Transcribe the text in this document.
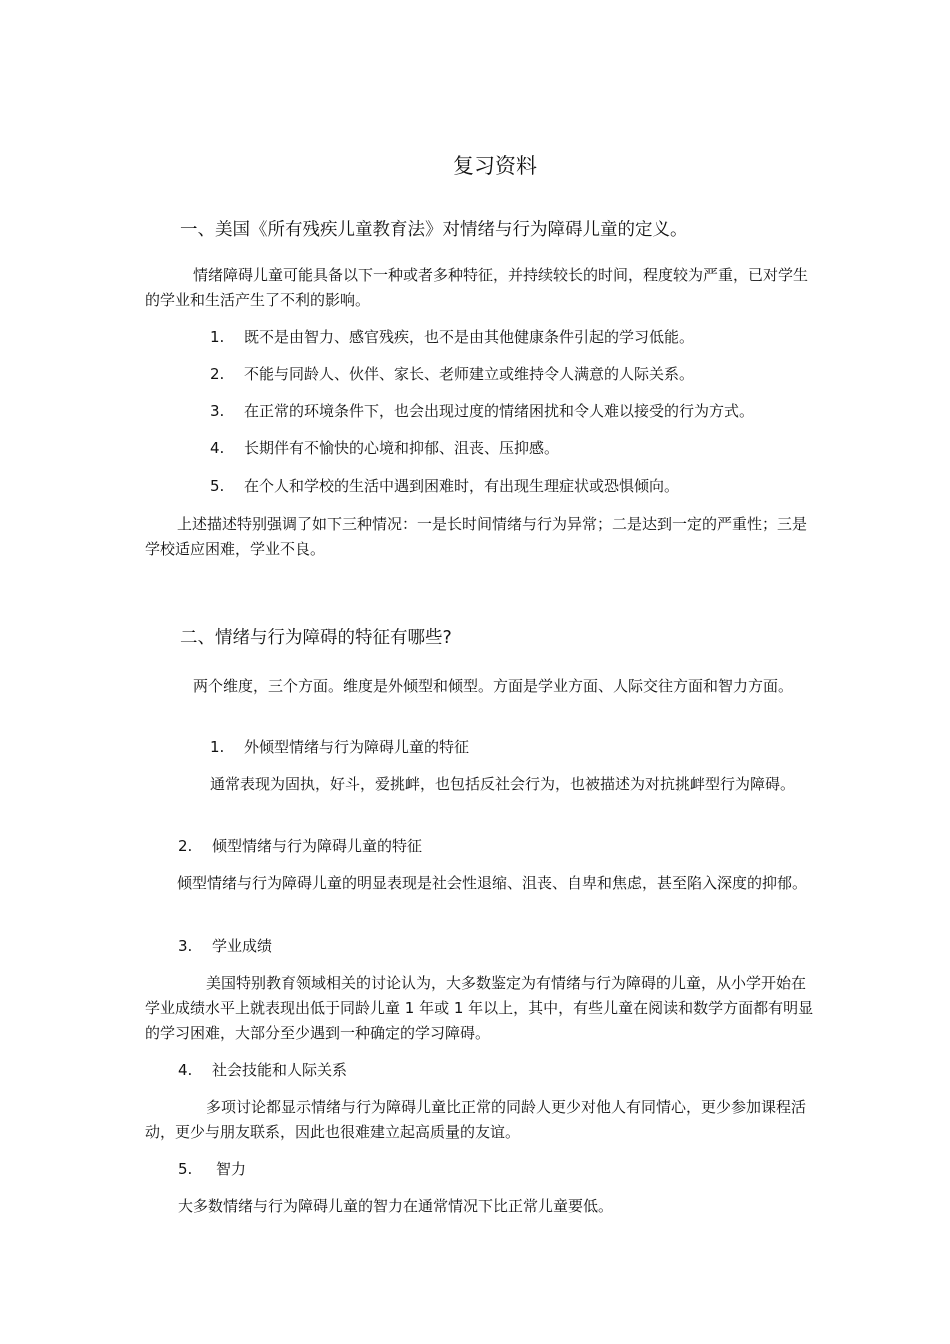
复习资料
一、美国《所有残疾儿童教育法》对情绪与行为障碍儿童的定义。
情绪障碍儿童可能具备以下一种或者多种特征，并持续较长的时间，程度较为严重，已对学生的学业和生活产生了不利的影响。
1. 既不是由智力、感官残疾，也不是由其他健康条件引起的学习低能。
2. 不能与同龄人、伙伴、家长、老师建立或维持令人满意的人际关系。
3. 在正常的环境条件下，也会出现过度的情绪困扰和令人难以接受的行为方式。
4. 长期伴有不愉快的心境和抑郁、沮丧、压抑感。
5. 在个人和学校的生活中遇到困难时，有出现生理症状或恐惧倾向。
上述描述特别强调了如下三种情况：一是长时间情绪与行为异常；二是达到一定的严重性；三是学校适应困难，学业不良。
二、情绪与行为障碍的特征有哪些?
两个维度，三个方面。维度是外倾型和倾型。方面是学业方面、人际交往方面和智力方面。
1. 外倾型情绪与行为障碍儿童的特征
通常表现为固执，好斗，爱挑衅，也包括反社会行为，也被描述为对抗挑衅型行为障碍。
2. 倾型情绪与行为障碍儿童的特征
倾型情绪与行为障碍儿童的明显表现是社会性退缩、沮丧、自卑和焦虑，甚至陷入深度的抑郁。
3. 学业成绩
美国特别教育领域相关的讨论认为，大多数鉴定为有情绪与行为障碍的儿童，从小学开始在学业成绩水平上就表现出低于同龄儿童 1 年或 1 年以上，其中，有些儿童在阅读和数学方面都有明显的学习困难，大部分至少遇到一种确定的学习障碍。
4. 社会技能和人际关系
多项讨论都显示情绪与行为障碍儿童比正常的同龄人更少对他人有同情心，更少参加课程活动，更少与朋友联系，因此也很难建立起高质量的友谊。
5. 智力
大多数情绪与行为障碍儿童的智力在通常情况下比正常儿童要低。
